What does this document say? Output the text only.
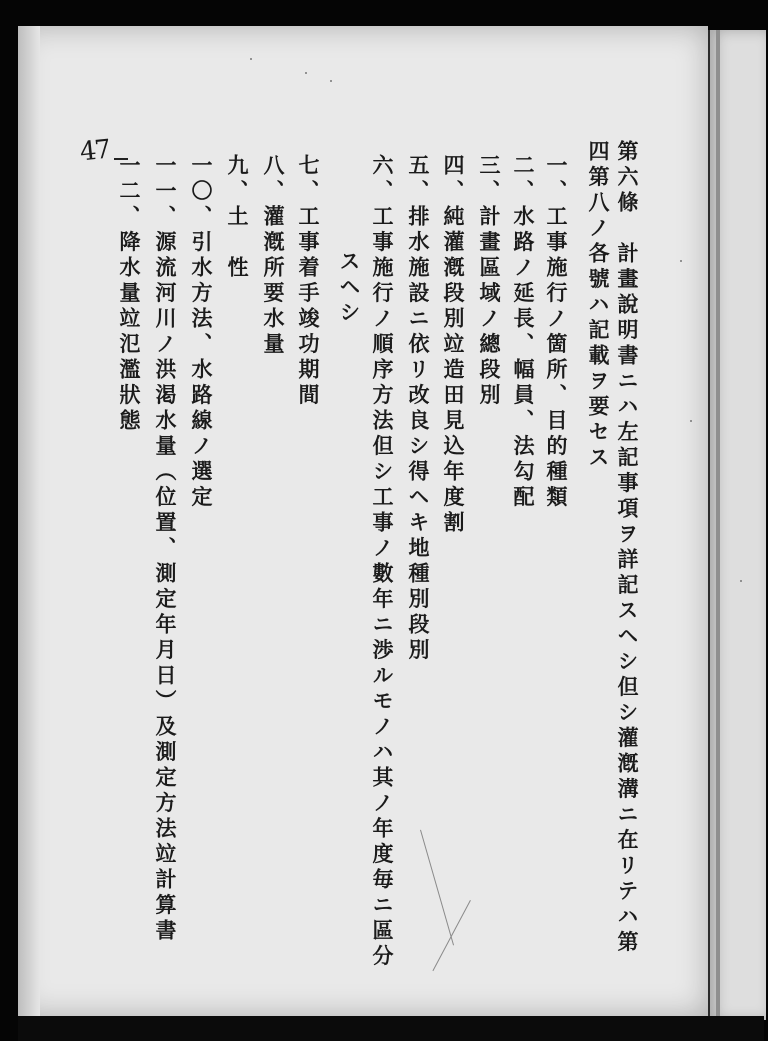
47	第六條　計畫說明書ニハ左記事項ヲ詳記スヘシ但シ灌漑溝ニ在リテハ第
四第八ノ各號ハ記載ヲ要セス
一、工事施行ノ箇所、目的種類
二、水路ノ延長、幅員、法勾配
三、計畫區域ノ總段別
四、純灌漑段別竝造田見込年度割
五、排水施設ニ依リ改良シ得ヘキ地種別段別
六、工事施行ノ順序方法但シ工事ノ數年ニ渉ルモノハ其ノ年度毎ニ區分
スヘシ
七、工事着手竣功期間
八、灌漑所要水量
九、土　性
一〇、引水方法、水路線ノ選定
一一、源流河川ノ洪渇水量（位置、測定年月日）及測定方法竝計算書
一二、降水量竝氾濫狀態
